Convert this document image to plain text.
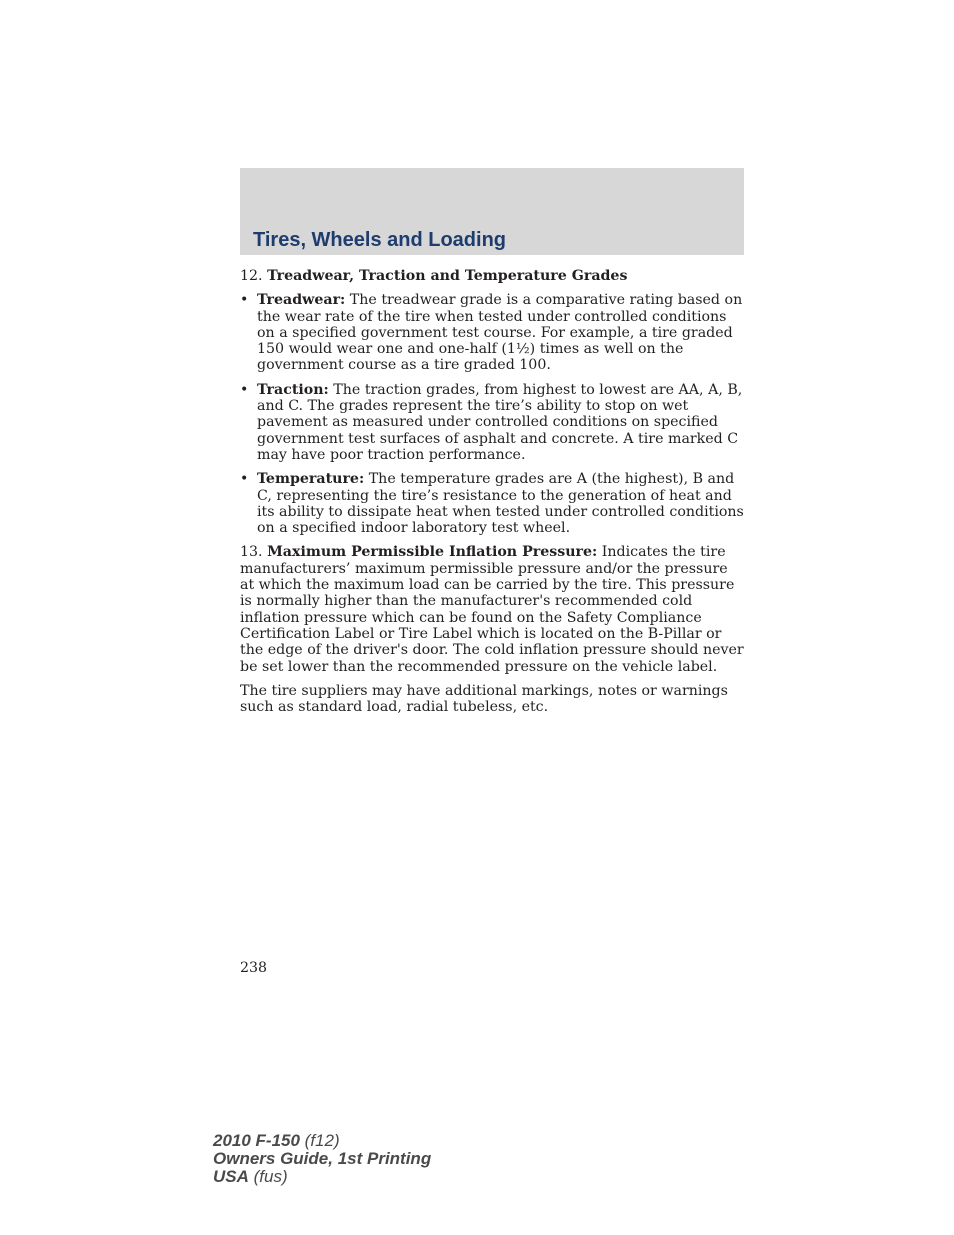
Tires, Wheels and Loading

12. Treadwear, Traction and Temperature Grades

• Treadwear: The treadwear grade is a comparative rating based on the wear rate of the tire when tested under controlled conditions on a specified government test course. For example, a tire graded 150 would wear one and one-half (1½) times as well on the government course as a tire graded 100.
• Traction: The traction grades, from highest to lowest are AA, A, B, and C. The grades represent the tire’s ability to stop on wet pavement as measured under controlled conditions on specified government test surfaces of asphalt and concrete. A tire marked C may have poor traction performance.
• Temperature: The temperature grades are A (the highest), B and C, representing the tire’s resistance to the generation of heat and its ability to dissipate heat when tested under controlled conditions on a specified indoor laboratory test wheel.

13. Maximum Permissible Inflation Pressure: Indicates the tire manufacturers’ maximum permissible pressure and/or the pressure at which the maximum load can be carried by the tire. This pressure is normally higher than the manufacturer's recommended cold inflation pressure which can be found on the Safety Compliance Certification Label or Tire Label which is located on the B-Pillar or the edge of the driver's door. The cold inflation pressure should never be set lower than the recommended pressure on the vehicle label.

The tire suppliers may have additional markings, notes or warnings such as standard load, radial tubeless, etc.

238
2010 F-150 (f12)
Owners Guide, 1st Printing
USA (fus)
